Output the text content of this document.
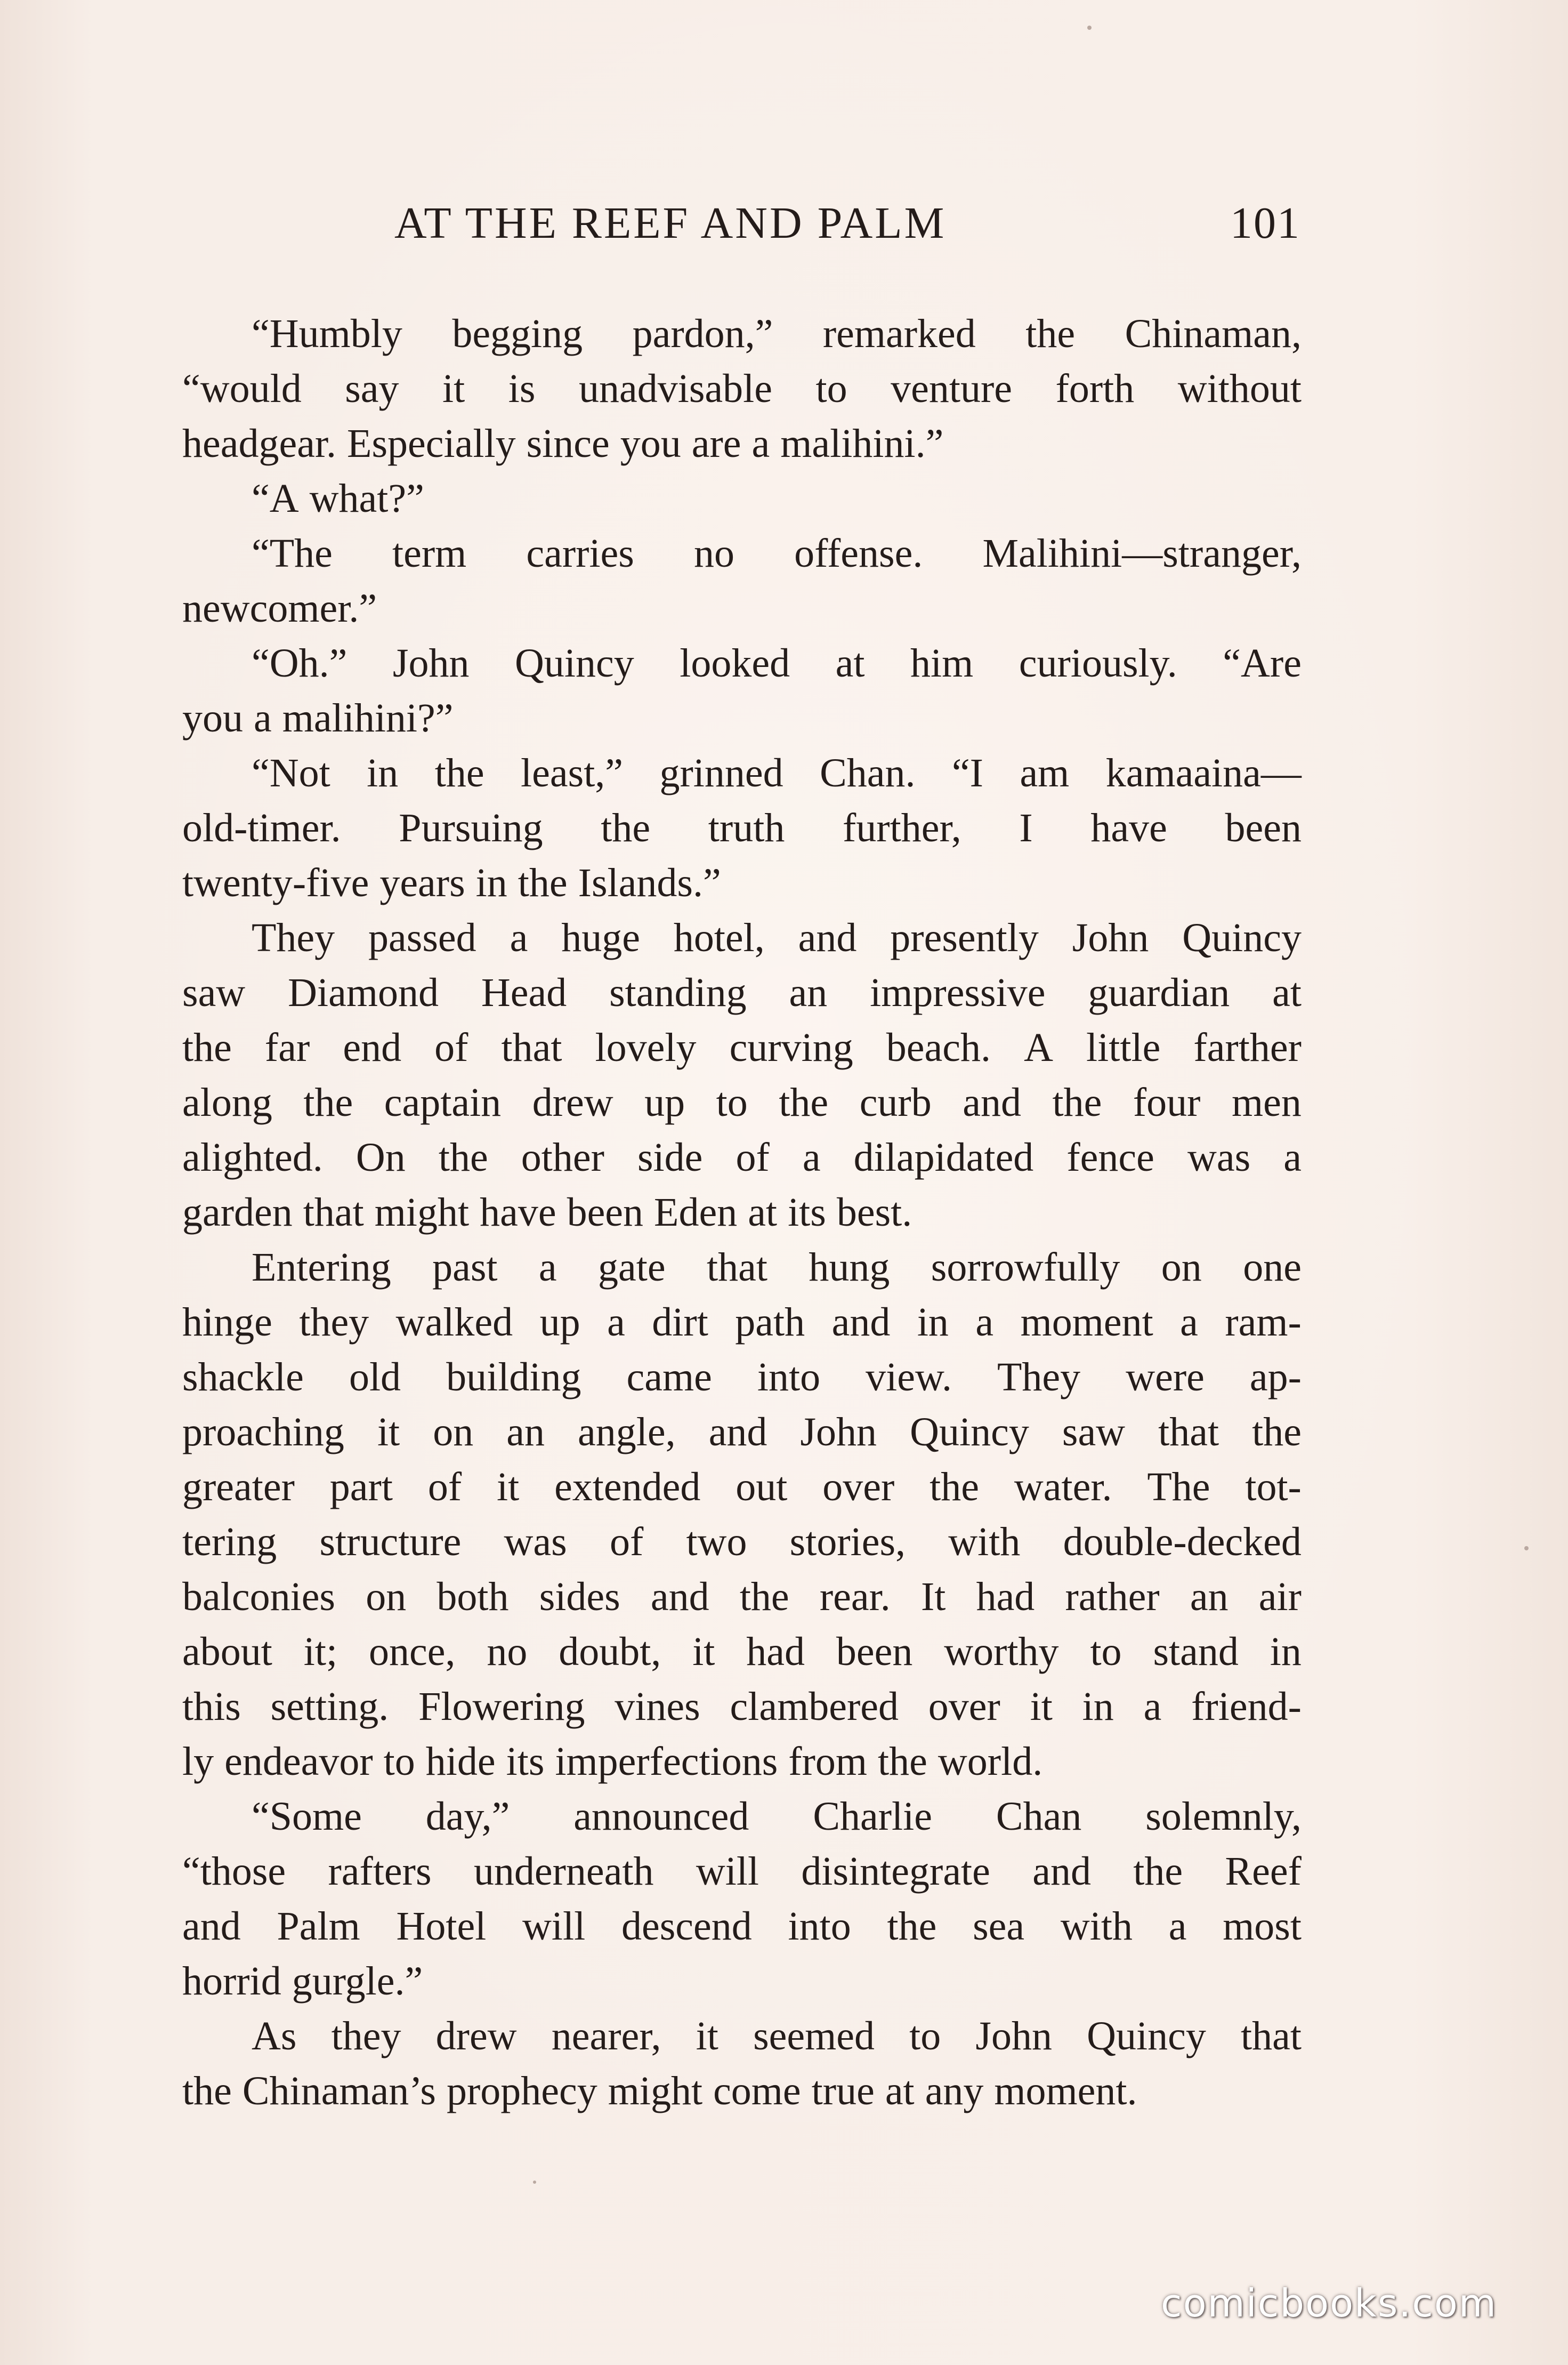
AT THE REEF AND PALM	101
“Humbly begging pardon,” remarked the Chinaman,
“would say it is unadvisable to venture forth without
headgear. Especially since you are a malihini.”
“A what?”
“The term carries no offense. Malihini—stranger,
newcomer.”
“Oh.” John Quincy looked at him curiously. “Are
you a malihini?”
“Not in the least,” grinned Chan. “I am kamaaina—
old-timer. Pursuing the truth further, I have been
twenty-five years in the Islands.”
They passed a huge hotel, and presently John Quincy
saw Diamond Head standing an impressive guardian at
the far end of that lovely curving beach. A little farther
along the captain drew up to the curb and the four men
alighted. On the other side of a dilapidated fence was a
garden that might have been Eden at its best.
Entering past a gate that hung sorrowfully on one
hinge they walked up a dirt path and in a moment a ram-
shackle old building came into view. They were ap-
proaching it on an angle, and John Quincy saw that the
greater part of it extended out over the water. The tot-
tering structure was of two stories, with double-decked
balconies on both sides and the rear. It had rather an air
about it; once, no doubt, it had been worthy to stand in
this setting. Flowering vines clambered over it in a friend-
ly endeavor to hide its imperfections from the world.
“Some day,” announced Charlie Chan solemnly,
“those rafters underneath will disintegrate and the Reef
and Palm Hotel will descend into the sea with a most
horrid gurgle.”
As they drew nearer, it seemed to John Quincy that
the Chinaman’s prophecy might come true at any moment.
comicbooks.com
